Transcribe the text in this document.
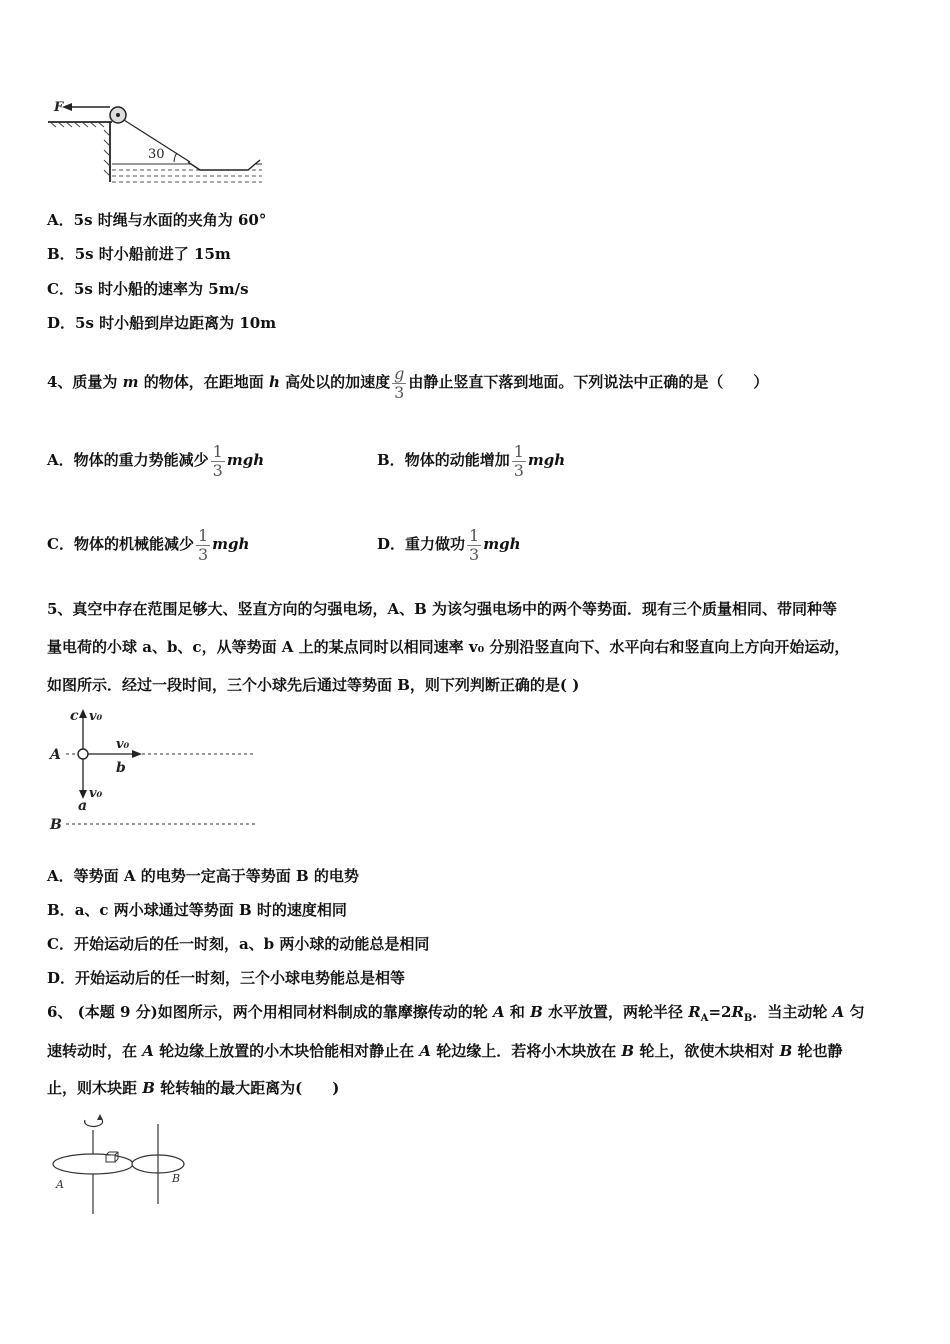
F
30
A．5s 时绳与水面的夹角为 60°
B．5s 时小船前进了 15m
C．5s 时小船的速率为 5m/s
D．5s 时小船到岸边距离为 10m
4、质量为 m 的物体，在距地面 h 高处以的加速度 $\frac{g}{3}$ 由静止竖直下落到地面。下列说法中正确的是（　　）
A．物体的重力势能减少 $\frac{1}{3}$ mgh	B．物体的动能增加 $\frac{1}{3}$ mgh
C．物体的机械能减少 $\frac{1}{3}$ mgh	D．重力做功 $\frac{1}{3}$ mgh
5、真空中存在范围足够大、竖直方向的匀强电场，A、B 为该匀强电场中的两个等势面．现有三个质量相同、带同种等
量电荷的小球 a、b、c，从等势面 A 上的某点同时以相同速率 v₀ 分别沿竖直向下、水平向右和竖直向上方向开始运动，
如图所示．经过一段时间，三个小球先后通过等势面 B，则下列判断正确的是( )
c v₀
A
v₀
b
v₀
a
B
A．等势面 A 的电势一定高于等势面 B 的电势
B．a、c 两小球通过等势面 B 时的速度相同
C．开始运动后的任一时刻，a、b 两小球的动能总是相同
D．开始运动后的任一时刻，三个小球电势能总是相等
6、 (本题 9 分)如图所示，两个用相同材料制成的靠摩擦传动的轮 A 和 B 水平放置，两轮半径 $R_A=2R_B$．当主动轮 A 匀
速转动时，在 A 轮边缘上放置的小木块恰能相对静止在 A 轮边缘上．若将小木块放在 B 轮上，欲使木块相对 B 轮也静
止，则木块距 B 轮转轴的最大距离为(　　)
A	B
